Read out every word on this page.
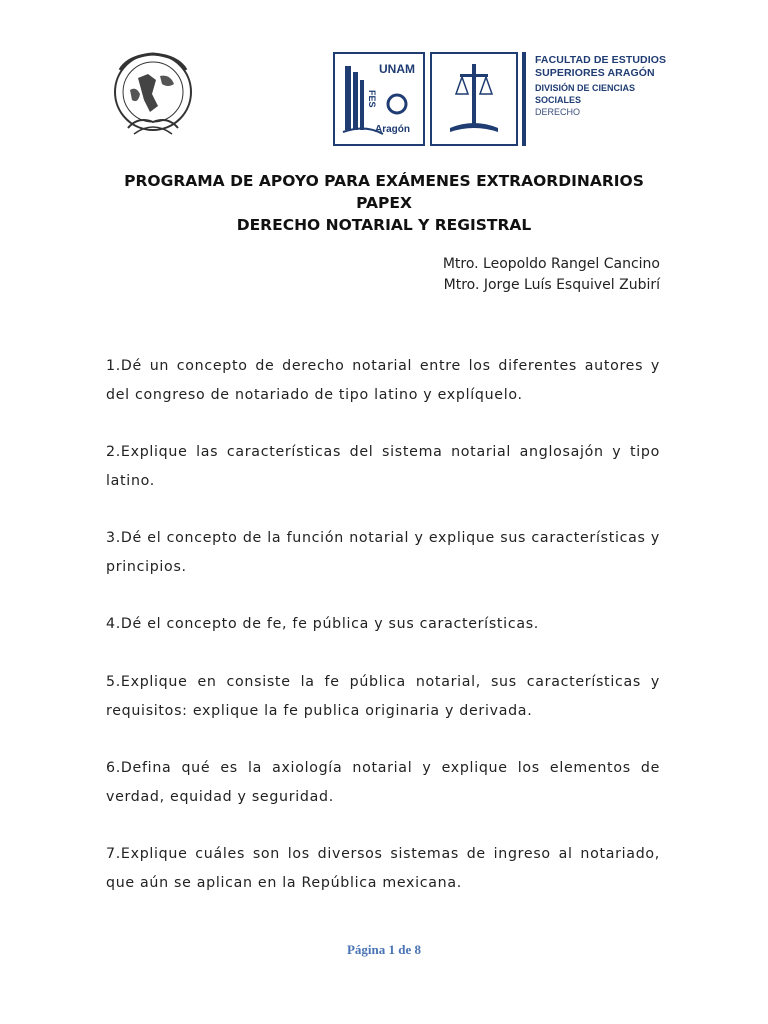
UNAM
FES
Aragón
FACULTAD DE ESTUDIOS
SUPERIORES ARAGÓN
DIVISIÓN DE CIENCIAS
SOCIALES
DERECHO
PROGRAMA DE APOYO PARA EXÁMENES EXTRAORDINARIOS
PAPEX
DERECHO NOTARIAL Y REGISTRAL
Mtro. Leopoldo Rangel Cancino
Mtro. Jorge Luís Esquivel Zubirí

1.Dé un concepto de derecho notarial entre los diferentes autores y del congreso de notariado de tipo latino y explíquelo.

2.Explique las características del sistema notarial anglosajón y tipo latino.

3.Dé el concepto de la función notarial y explique sus características y principios.

4.Dé el concepto de fe, fe pública y sus características.

5.Explique en consiste la fe pública notarial, sus características y requisitos: explique la fe publica originaria y derivada.

6.Defina qué es la axiología notarial y explique los elementos de verdad, equidad y seguridad.

7.Explique cuáles son los diversos sistemas de ingreso al notariado, que aún se aplican en la República mexicana.

Página 1 de 8
